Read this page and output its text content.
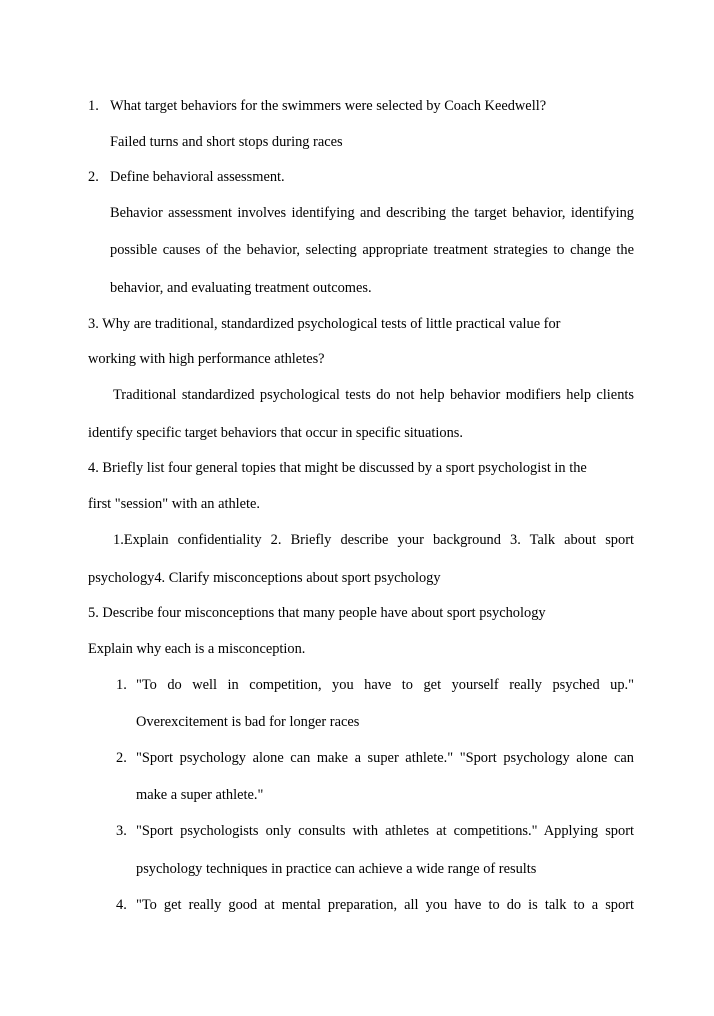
1. What target behaviors for the swimmers were selected by Coach Keedwell?
Failed turns and short stops during races
2. Define behavioral assessment.
Behavior assessment involves identifying and describing the target behavior, identifying
possible causes of the behavior, selecting appropriate treatment strategies to change the
behavior, and evaluating treatment outcomes.
3. Why are traditional, standardized psychological tests of little practical value for
working with high performance athletes?
Traditional standardized psychological tests do not help behavior modifiers help clients
identify specific target behaviors that occur in specific situations.
4. Briefly list four general topies that might be discussed by a sport psychologist in the
first "session" with an athlete.
1.Explain confidentiality 2. Briefly describe your background 3. Talk about sport
psychology4. Clarify misconceptions about sport psychology
5. Describe four misconceptions that many people have about sport psychology
Explain why each is a misconception.
1. "To do well in competition, you have to get yourself really psyched up."
Overexcitement is bad for longer races
2. "Sport psychology alone can make a super athlete." "Sport psychology alone can
make a super athlete."
3. "Sport psychologists only consults with athletes at competitions." Applying sport
psychology techniques in practice can achieve a wide range of results
4. "To get really good at mental preparation, all you have to do is talk to a sport
